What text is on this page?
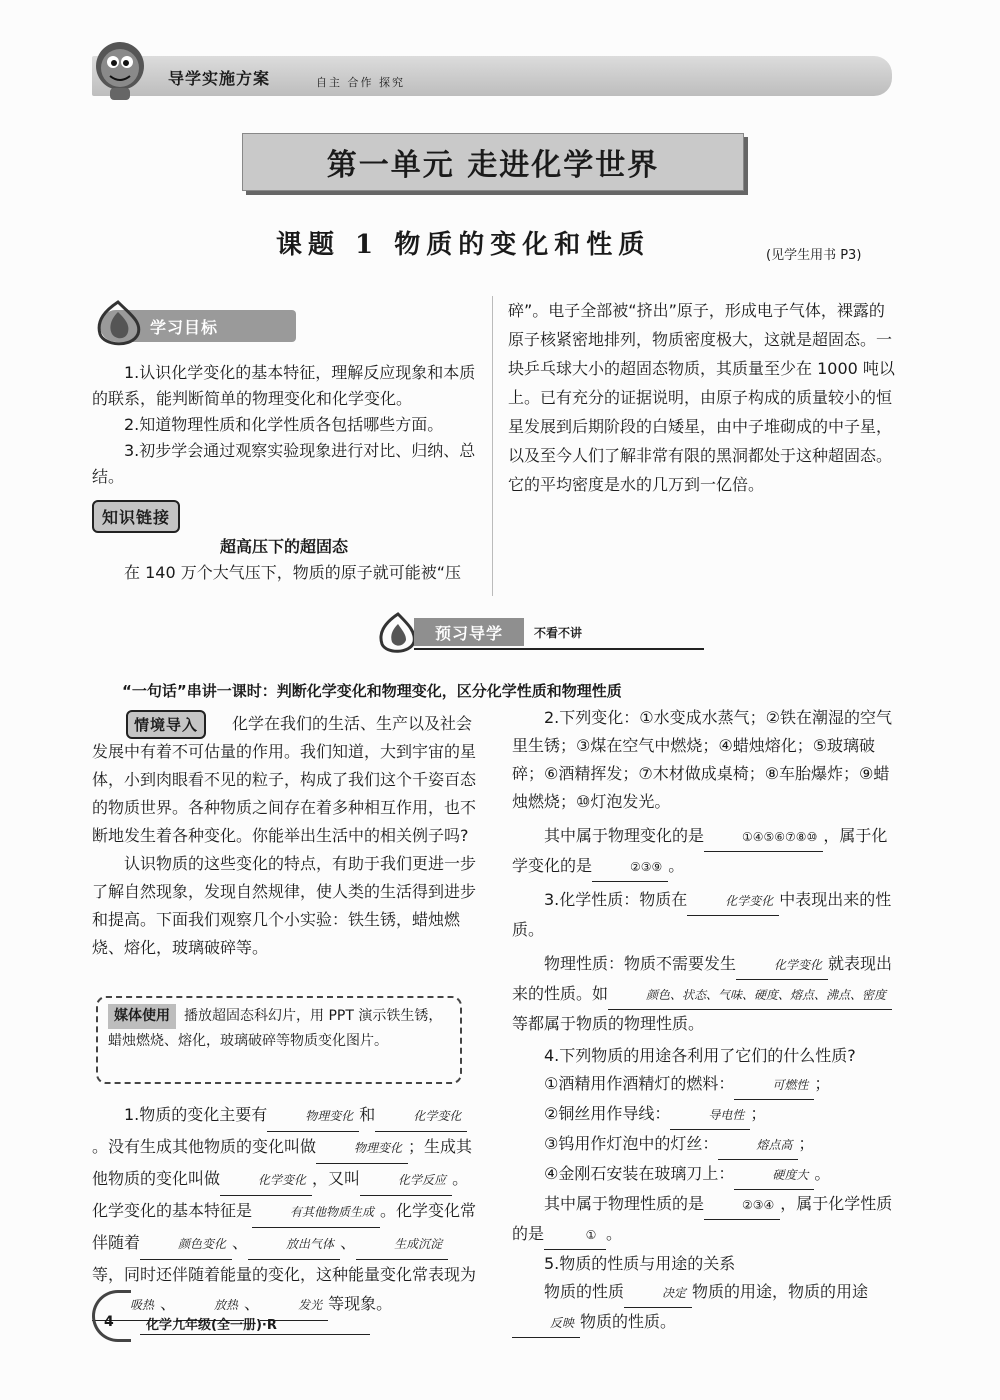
导学实施方案	自主 合作 探究
第一单元 走进化学世界
课题 1 物质的变化和性质	(见学生用书 P3)
学习目标

1.认识化学变化的基本特征，理解反应现象和本质的联系，能判断简单的物理变化和化学变化。

2.知道物理性质和化学性质各包括哪些方面。

3.初步学会通过观察实验现象进行对比、归纳、总结。

知识链接

超高压下的超固态

在 140 万个大气压下，物质的原子就可能被“压

碎”。电子全部被“挤出”原子，形成电子气体，裸露的原子核紧密地排列，物质密度极大，这就是超固态。一块乒乓球大小的超固态物质，其质量至少在 1000 吨以上。已有充分的证据说明，由原子构成的质量较小的恒星发展到后期阶段的白矮星，由中子堆砌成的中子星，以及至今人们了解非常有限的黑洞都处于这种超固态。它的平均密度是水的几万到一亿倍。
预习导学	不看不讲
“一句话”串讲一课时：判断化学变化和物理变化，区分化学性质和物理性质
情境导入	化学在我们的生活、生产以及社会发展中有着不可估量的作用。我们知道，大到宇宙的星体，小到肉眼看不见的粒子，构成了我们这个千姿百态的物质世界。各种物质之间存在着多种相互作用，也不断地发生着各种变化。你能举出生活中的相关例子吗?

认识物质的这些变化的特点，有助于我们更进一步了解自然现象，发现自然规律，使人类的生活得到进步和提高。下面我们观察几个小实验：铁生锈，蜡烛燃烧、熔化，玻璃破碎等。

媒体使用 播放超固态科幻片，用 PPT 演示铁生锈，蜡烛燃烧、熔化，玻璃破碎等物质变化图片。

1.物质的变化主要有	物理变化 和	化学变化。没有生成其他物质的变化叫做	物理变化 ；生成其他物质的变化叫做	化学变化 ，又叫	化学反应 。化学变化的基本特征是	有其他物质生成 。化学变化常伴随着	颜色变化 、	放出气体 、	生成沉淀等，同时还伴随着能量的变化，这种能量变化常表现为吸热 、	放热 、	发光 等现象。

2.下列变化：①水变成水蒸气；②铁在潮湿的空气里生锈；③煤在空气中燃烧；④蜡烛熔化；⑤玻璃破碎；⑥酒精挥发；⑦木材做成桌椅；⑧车胎爆炸；⑨蜡烛燃烧；⑩灯泡发光。

其中属于物理变化的是	①④⑤⑥⑦⑧⑩ ，属于化学变化的是	②③⑨ 。

3.化学性质：物质在	化学变化 中表现出来的性质。

物理性质：物质不需要发生	化学变化 就表现出来的性质。如	颜色、状态、气味、硬度、熔点、沸点、密度等都属于物质的物理性质。

4.下列物质的用途各利用了它们的什么性质?

①酒精用作酒精灯的燃料：	可燃性 ；

②铜丝用作导线：	导电性 ；

③钨用作灯泡中的灯丝：	熔点高 ；

④金刚石安装在玻璃刀上：	硬度大 。

其中属于物理性质的是	②③④ ，属于化学性质的是	① 。

5.物质的性质与用途的关系

物质的性质	决定 物质的用途，物质的用途反映 物质的性质。

4 化学九年级(全一册)·R
